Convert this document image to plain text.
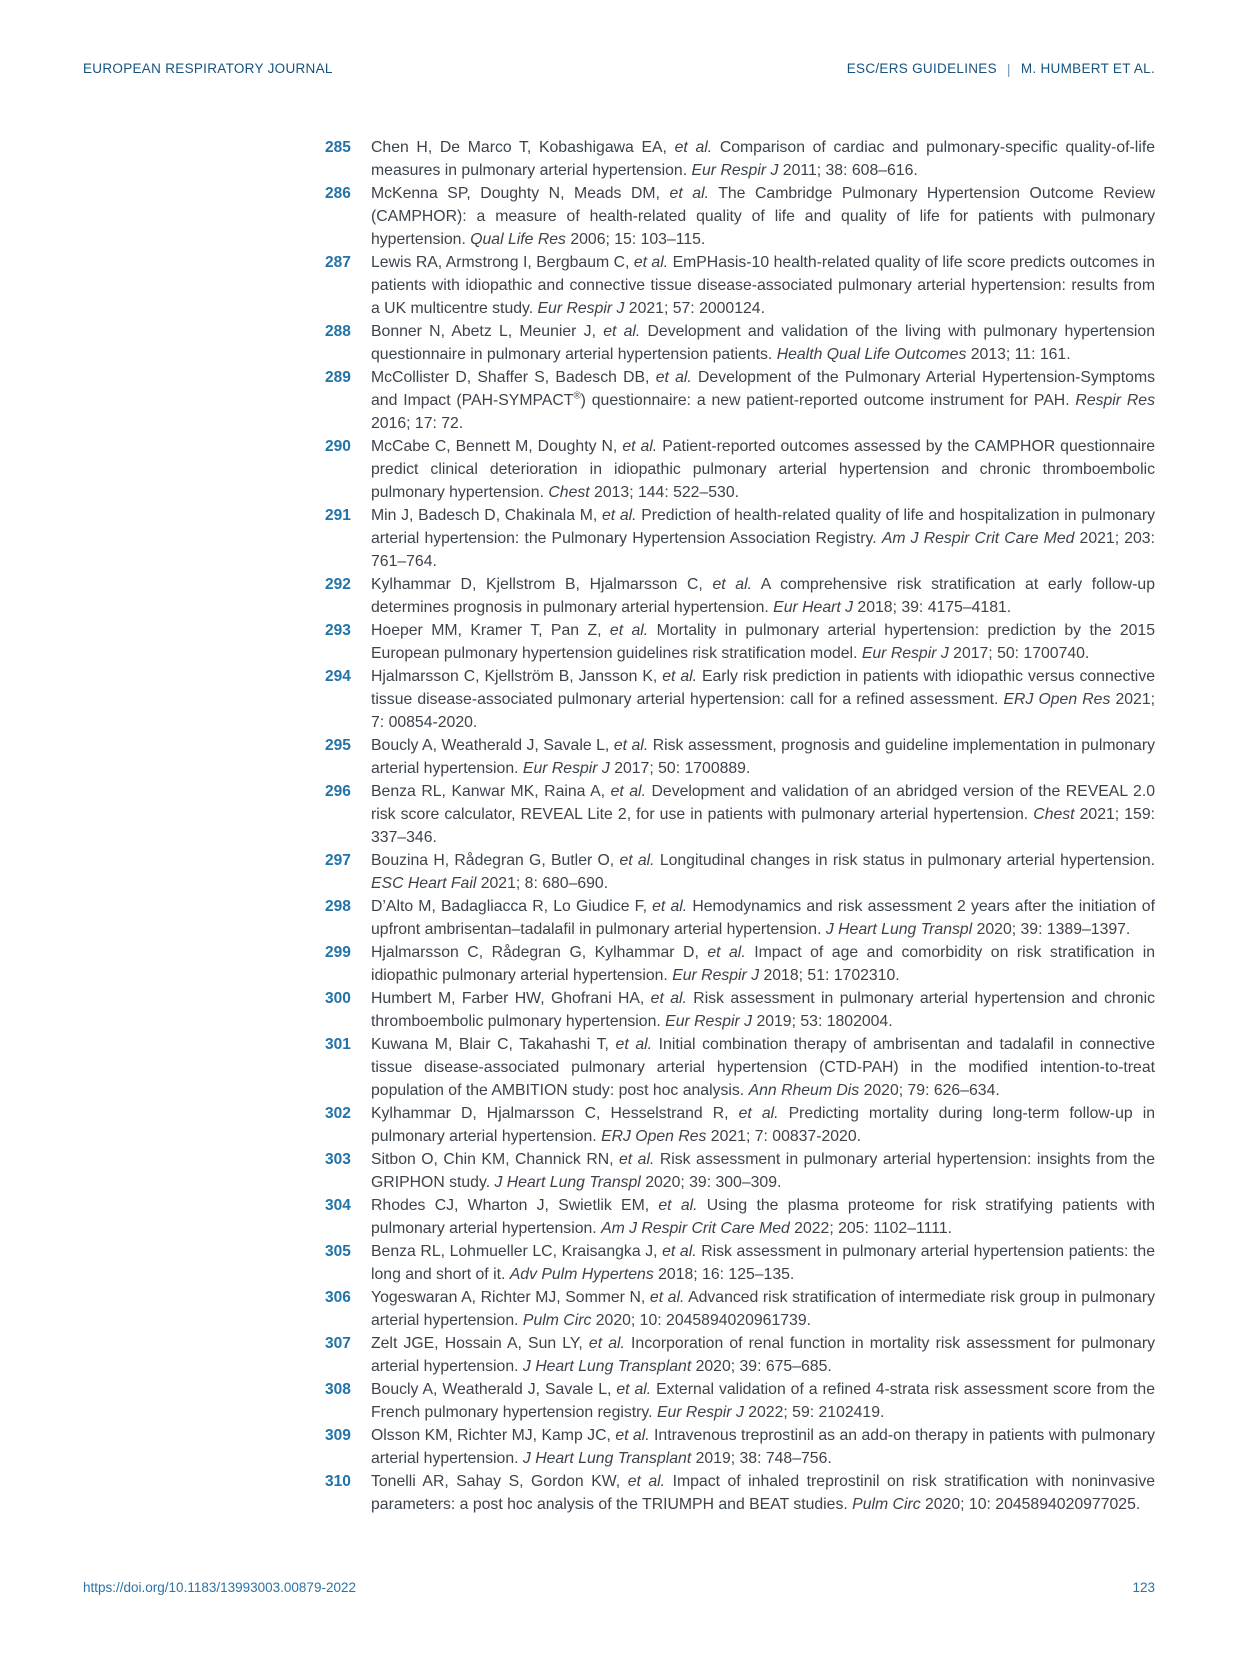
EUROPEAN RESPIRATORY JOURNAL	ESC/ERS GUIDELINES | M. HUMBERT ET AL.
285 Chen H, De Marco T, Kobashigawa EA, et al. Comparison of cardiac and pulmonary-specific quality-of-life measures in pulmonary arterial hypertension. Eur Respir J 2011; 38: 608–616.

286 McKenna SP, Doughty N, Meads DM, et al. The Cambridge Pulmonary Hypertension Outcome Review (CAMPHOR): a measure of health-related quality of life and quality of life for patients with pulmonary hypertension. Qual Life Res 2006; 15: 103–115.

287 Lewis RA, Armstrong I, Bergbaum C, et al. EmPHasis-10 health-related quality of life score predicts outcomes in patients with idiopathic and connective tissue disease-associated pulmonary arterial hypertension: results from a UK multicentre study. Eur Respir J 2021; 57: 2000124.

288 Bonner N, Abetz L, Meunier J, et al. Development and validation of the living with pulmonary hypertension questionnaire in pulmonary arterial hypertension patients. Health Qual Life Outcomes 2013; 11: 161.

289 McCollister D, Shaffer S, Badesch DB, et al. Development of the Pulmonary Arterial Hypertension-Symptoms and Impact (PAH-SYMPACT®) questionnaire: a new patient-reported outcome instrument for PAH. Respir Res 2016; 17: 72.

290 McCabe C, Bennett M, Doughty N, et al. Patient-reported outcomes assessed by the CAMPHOR questionnaire predict clinical deterioration in idiopathic pulmonary arterial hypertension and chronic thromboembolic pulmonary hypertension. Chest 2013; 144: 522–530.

291 Min J, Badesch D, Chakinala M, et al. Prediction of health-related quality of life and hospitalization in pulmonary arterial hypertension: the Pulmonary Hypertension Association Registry. Am J Respir Crit Care Med 2021; 203: 761–764.

292 Kylhammar D, Kjellstrom B, Hjalmarsson C, et al. A comprehensive risk stratification at early follow-up determines prognosis in pulmonary arterial hypertension. Eur Heart J 2018; 39: 4175–4181.

293 Hoeper MM, Kramer T, Pan Z, et al. Mortality in pulmonary arterial hypertension: prediction by the 2015 European pulmonary hypertension guidelines risk stratification model. Eur Respir J 2017; 50: 1700740.

294 Hjalmarsson C, Kjellström B, Jansson K, et al. Early risk prediction in patients with idiopathic versus connective tissue disease-associated pulmonary arterial hypertension: call for a refined assessment. ERJ Open Res 2021; 7: 00854-2020.

295 Boucly A, Weatherald J, Savale L, et al. Risk assessment, prognosis and guideline implementation in pulmonary arterial hypertension. Eur Respir J 2017; 50: 1700889.

296 Benza RL, Kanwar MK, Raina A, et al. Development and validation of an abridged version of the REVEAL 2.0 risk score calculator, REVEAL Lite 2, for use in patients with pulmonary arterial hypertension. Chest 2021; 159: 337–346.

297 Bouzina H, Rådegran G, Butler O, et al. Longitudinal changes in risk status in pulmonary arterial hypertension. ESC Heart Fail 2021; 8: 680–690.

298 D’Alto M, Badagliacca R, Lo Giudice F, et al. Hemodynamics and risk assessment 2 years after the initiation of upfront ambrisentan–tadalafil in pulmonary arterial hypertension. J Heart Lung Transpl 2020; 39: 1389–1397.

299 Hjalmarsson C, Rådegran G, Kylhammar D, et al. Impact of age and comorbidity on risk stratification in idiopathic pulmonary arterial hypertension. Eur Respir J 2018; 51: 1702310.

300 Humbert M, Farber HW, Ghofrani HA, et al. Risk assessment in pulmonary arterial hypertension and chronic thromboembolic pulmonary hypertension. Eur Respir J 2019; 53: 1802004.

301 Kuwana M, Blair C, Takahashi T, et al. Initial combination therapy of ambrisentan and tadalafil in connective tissue disease-associated pulmonary arterial hypertension (CTD-PAH) in the modified intention-to-treat population of the AMBITION study: post hoc analysis. Ann Rheum Dis 2020; 79: 626–634.

302 Kylhammar D, Hjalmarsson C, Hesselstrand R, et al. Predicting mortality during long-term follow-up in pulmonary arterial hypertension. ERJ Open Res 2021; 7: 00837-2020.

303 Sitbon O, Chin KM, Channick RN, et al. Risk assessment in pulmonary arterial hypertension: insights from the GRIPHON study. J Heart Lung Transpl 2020; 39: 300–309.

304 Rhodes CJ, Wharton J, Swietlik EM, et al. Using the plasma proteome for risk stratifying patients with pulmonary arterial hypertension. Am J Respir Crit Care Med 2022; 205: 1102–1111.

305 Benza RL, Lohmueller LC, Kraisangka J, et al. Risk assessment in pulmonary arterial hypertension patients: the long and short of it. Adv Pulm Hypertens 2018; 16: 125–135.

306 Yogeswaran A, Richter MJ, Sommer N, et al. Advanced risk stratification of intermediate risk group in pulmonary arterial hypertension. Pulm Circ 2020; 10: 2045894020961739.

307 Zelt JGE, Hossain A, Sun LY, et al. Incorporation of renal function in mortality risk assessment for pulmonary arterial hypertension. J Heart Lung Transplant 2020; 39: 675–685.

308 Boucly A, Weatherald J, Savale L, et al. External validation of a refined 4-strata risk assessment score from the French pulmonary hypertension registry. Eur Respir J 2022; 59: 2102419.

309 Olsson KM, Richter MJ, Kamp JC, et al. Intravenous treprostinil as an add-on therapy in patients with pulmonary arterial hypertension. J Heart Lung Transplant 2019; 38: 748–756.

310 Tonelli AR, Sahay S, Gordon KW, et al. Impact of inhaled treprostinil on risk stratification with noninvasive parameters: a post hoc analysis of the TRIUMPH and BEAT studies. Pulm Circ 2020; 10: 2045894020977025.

https://doi.org/10.1183/13993003.00879-2022	123
